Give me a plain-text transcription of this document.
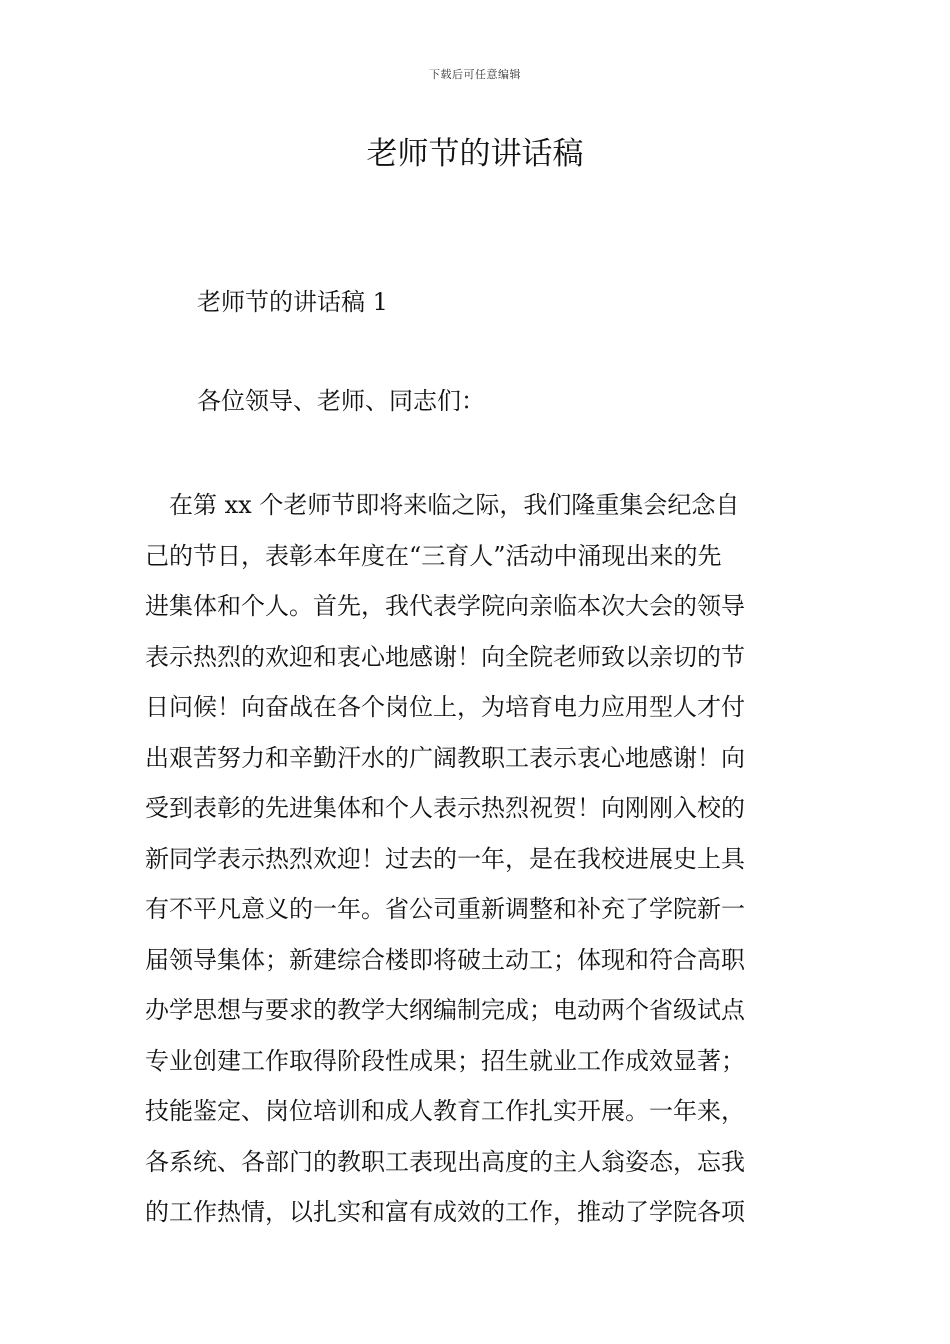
下载后可任意编辑
老师节的讲话稿

老师节的讲话稿 1

各位领导、老师、同志们：

　在第 xx 个老师节即将来临之际，我们隆重集会纪念自
己的节日，表彰本年度在“三育人”活动中涌现出来的先
进集体和个人。首先，我代表学院向亲临本次大会的领导
表示热烈的欢迎和衷心地感谢！向全院老师致以亲切的节
日问候！向奋战在各个岗位上，为培育电力应用型人才付
出艰苦努力和辛勤汗水的广阔教职工表示衷心地感谢！向
受到表彰的先进集体和个人表示热烈祝贺！向刚刚入校的
新同学表示热烈欢迎！过去的一年，是在我校进展史上具
有不平凡意义的一年。省公司重新调整和补充了学院新一
届领导集体；新建综合楼即将破土动工；体现和符合高职
办学思想与要求的教学大纲编制完成；电动两个省级试点
专业创建工作取得阶段性成果；招生就业工作成效显著；
技能鉴定、岗位培训和成人教育工作扎实开展。一年来，
各系统、各部门的教职工表现出高度的主人翁姿态，忘我
的工作热情，以扎实和富有成效的工作，推动了学院各项
